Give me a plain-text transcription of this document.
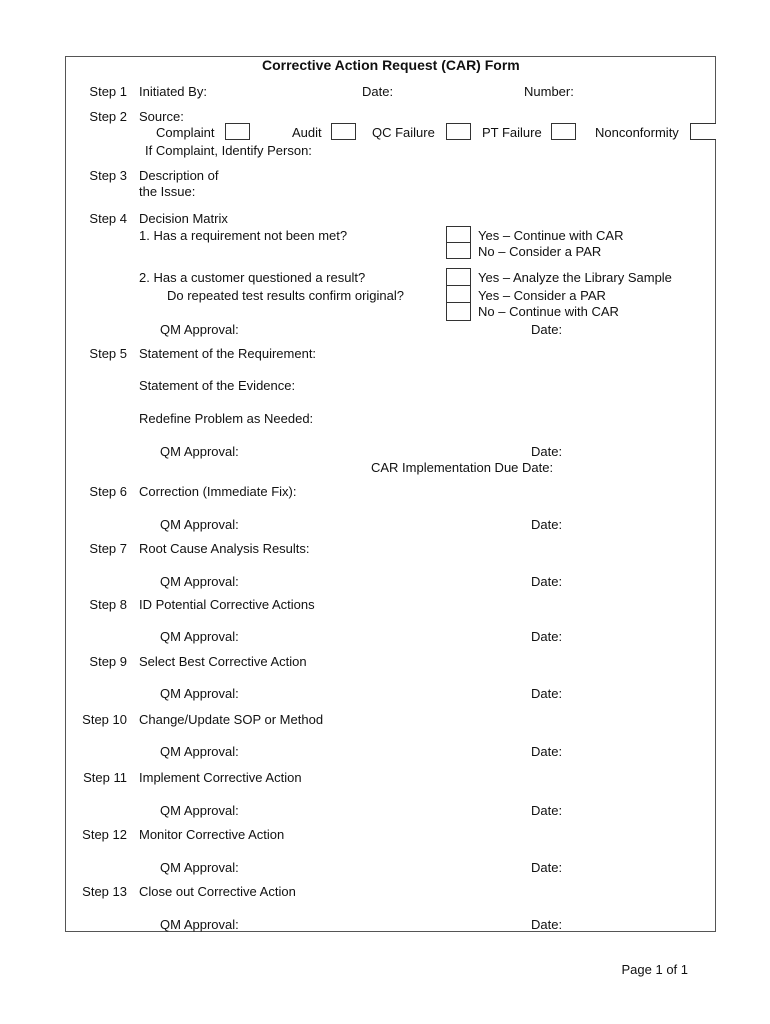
Corrective Action Request (CAR) Form
Step 1 Initiated By:	Date:	Number:
Step 2 Source:
Complaint	Audit	QC Failure	PT Failure	Nonconformity
If Complaint, Identify Person:
Step 3 Description of
the Issue:
Step 4 Decision Matrix
1. Has a requirement not been met?	Yes – Continue with CAR
No – Consider a PAR
2. Has a customer questioned a result?
Do repeated test results confirm original?
Yes – Analyze the Library Sample
Yes – Consider a PAR
No – Continue with CAR
QM Approval:	Date:
Step 5 Statement of the Requirement:
Statement of the Evidence:
Redefine Problem as Needed:
QM Approval:	Date:
CAR Implementation Due Date:
Step 6 Correction (Immediate Fix):
QM Approval:	Date:
Step 7 Root Cause Analysis Results:
QM Approval:	Date:
Step 8 ID Potential Corrective Actions
QM Approval:	Date:
Step 9 Select Best Corrective Action
QM Approval:	Date:
Step 10 Change/Update SOP or Method
QM Approval:	Date:
Step 11 Implement Corrective Action
QM Approval:	Date:
Step 12 Monitor Corrective Action
QM Approval:	Date:
Step 13 Close out Corrective Action
QM Approval:	Date:
Page 1 of 1
